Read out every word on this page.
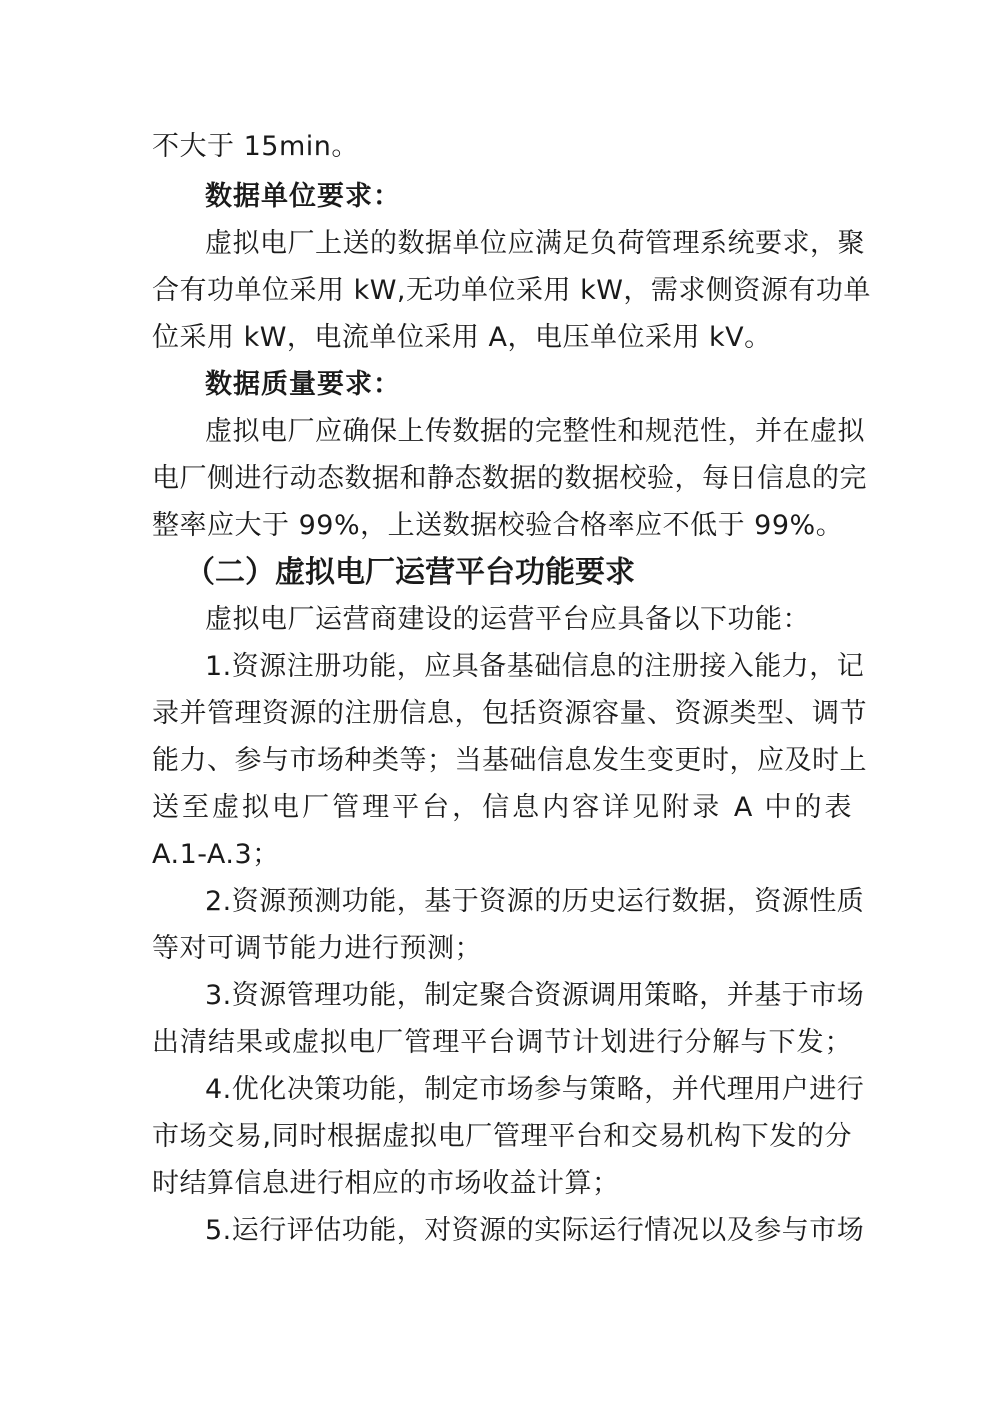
不大于 15min。
数据单位要求：
虚拟电厂上送的数据单位应满足负荷管理系统要求，聚
合有功单位采用 kW,无功单位采用 kW，需求侧资源有功单
位采用 kW，电流单位采用 A，电压单位采用 kV。
数据质量要求：
虚拟电厂应确保上传数据的完整性和规范性，并在虚拟
电厂侧进行动态数据和静态数据的数据校验，每日信息的完
整率应大于 99%，上送数据校验合格率应不低于 99%。
（二）虚拟电厂运营平台功能要求
虚拟电厂运营商建设的运营平台应具备以下功能：
1.资源注册功能，应具备基础信息的注册接入能力，记
录并管理资源的注册信息，包括资源容量、资源类型、调节
能力、参与市场种类等；当基础信息发生变更时，应及时上
送至虚拟电厂管理平台，信息内容详见附录 A 中的表
A.1-A.3；
2.资源预测功能，基于资源的历史运行数据，资源性质
等对可调节能力进行预测；
3.资源管理功能，制定聚合资源调用策略，并基于市场
出清结果或虚拟电厂管理平台调节计划进行分解与下发；
4.优化决策功能，制定市场参与策略，并代理用户进行
市场交易,同时根据虚拟电厂管理平台和交易机构下发的分
时结算信息进行相应的市场收益计算；
5.运行评估功能，对资源的实际运行情况以及参与市场
